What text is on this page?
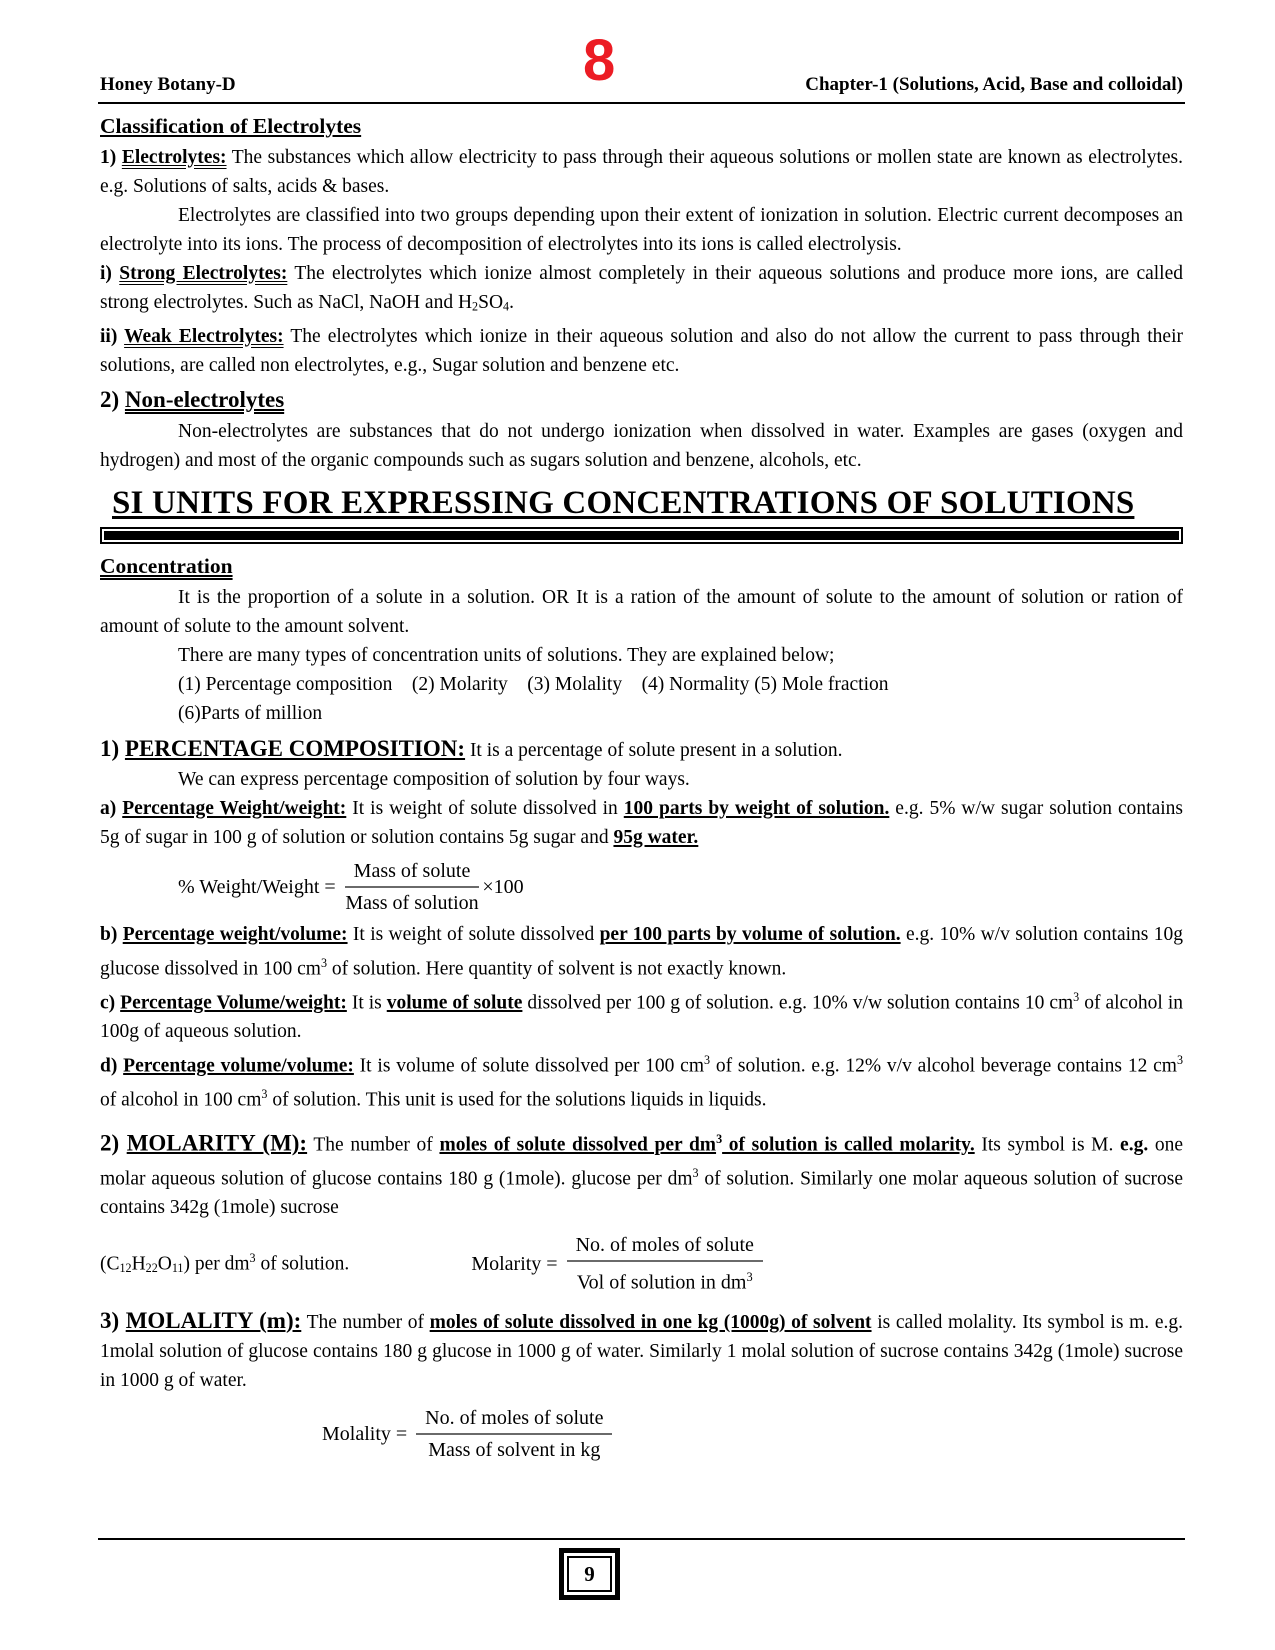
Honey Botany-D	8	Chapter-1 (Solutions, Acid, Base and colloidal)
Classification of Electrolytes

1) Electrolytes: The substances which allow electricity to pass through their aqueous solutions or mollen state are known as electrolytes. e.g. Solutions of salts, acids & bases.

Electrolytes are classified into two groups depending upon their extent of ionization in solution. Electric current decomposes an electrolyte into its ions. The process of decomposition of electrolytes into its ions is called electrolysis.

i) Strong Electrolytes: The electrolytes which ionize almost completely in their aqueous solutions and produce more ions, are called strong electrolytes. Such as NaCl, NaOH and $H_2SO_4$.

ii) Weak Electrolytes: The electrolytes which ionize in their aqueous solution and also do not allow the current to pass through their solutions, are called non electrolytes, e.g., Sugar solution and benzene etc.

2) Non-electrolytes

Non-electrolytes are substances that do not undergo ionization when dissolved in water. Examples are gases (oxygen and hydrogen) and most of the organic compounds such as sugars solution and benzene, alcohols, etc.

SI UNITS FOR EXPRESSING CONCENTRATIONS OF SOLUTIONS
Concentration

It is the proportion of a solute in a solution. OR It is a ration of the amount of solute to the amount of solution or ration of amount of solute to the amount solvent.

There are many types of concentration units of solutions. They are explained below;

(1) Percentage composition    (2) Molarity    (3) Molality    (4) Normality (5) Mole fraction

(6)Parts of million

1) PERCENTAGE COMPOSITION: It is a percentage of solute present in a solution.

We can express percentage composition of solution by four ways.

a) Percentage Weight/weight: It is weight of solute dissolved in 100 parts by weight of solution. e.g. 5% w/w sugar solution contains 5g of sugar in 100 g of solution or solution contains 5g sugar and 95g water.

% Weight/Weight = $\frac{\text{Mass of solute}}{\text{Mass of solution}} \times 100$

b) Percentage weight/volume: It is weight of solute dissolved per 100 parts by volume of solution. e.g. 10% w/v solution contains 10g glucose dissolved in 100 $cm^3$ of solution. Here quantity of solvent is not exactly known.

c) Percentage Volume/weight: It is volume of solute dissolved per 100 g of solution. e.g. 10% v/w solution contains 10 $cm^3$ of alcohol in 100g of aqueous solution.

d) Percentage volume/volume: It is volume of solute dissolved per 100 $cm^3$ of solution. e.g. 12% v/v alcohol beverage contains 12 $cm^3$ of alcohol in 100 $cm^3$ of solution. This unit is used for the solutions liquids in liquids.

2) MOLARITY (M): The number of moles of solute dissolved per $dm^3$ of solution is called molarity. Its symbol is M. e.g. one molar aqueous solution of glucose contains 180 g (1mole). glucose per $dm^3$ of solution. Similarly one molar aqueous solution of sucrose contains 342g (1mole) sucrose

$(C_{12}H_{22}O_{11})$ per $dm^3$ of solution.	Molarity = $\frac{\text{No. of moles of solute}}{Vol of solution in dm^3}$

3) MOLALITY (m): The number of moles of solute dissolved in one kg (1000g) of solvent is called molality. Its symbol is m. e.g. 1molal solution of glucose contains 180 g glucose in 1000 g of water. Similarly 1 molal solution of sucrose contains 342g (1mole) sucrose in 1000 g of water.

Molality = $\frac{\text{No. of moles of solute}}{\text{Mass of solvent in kg}}$
9
